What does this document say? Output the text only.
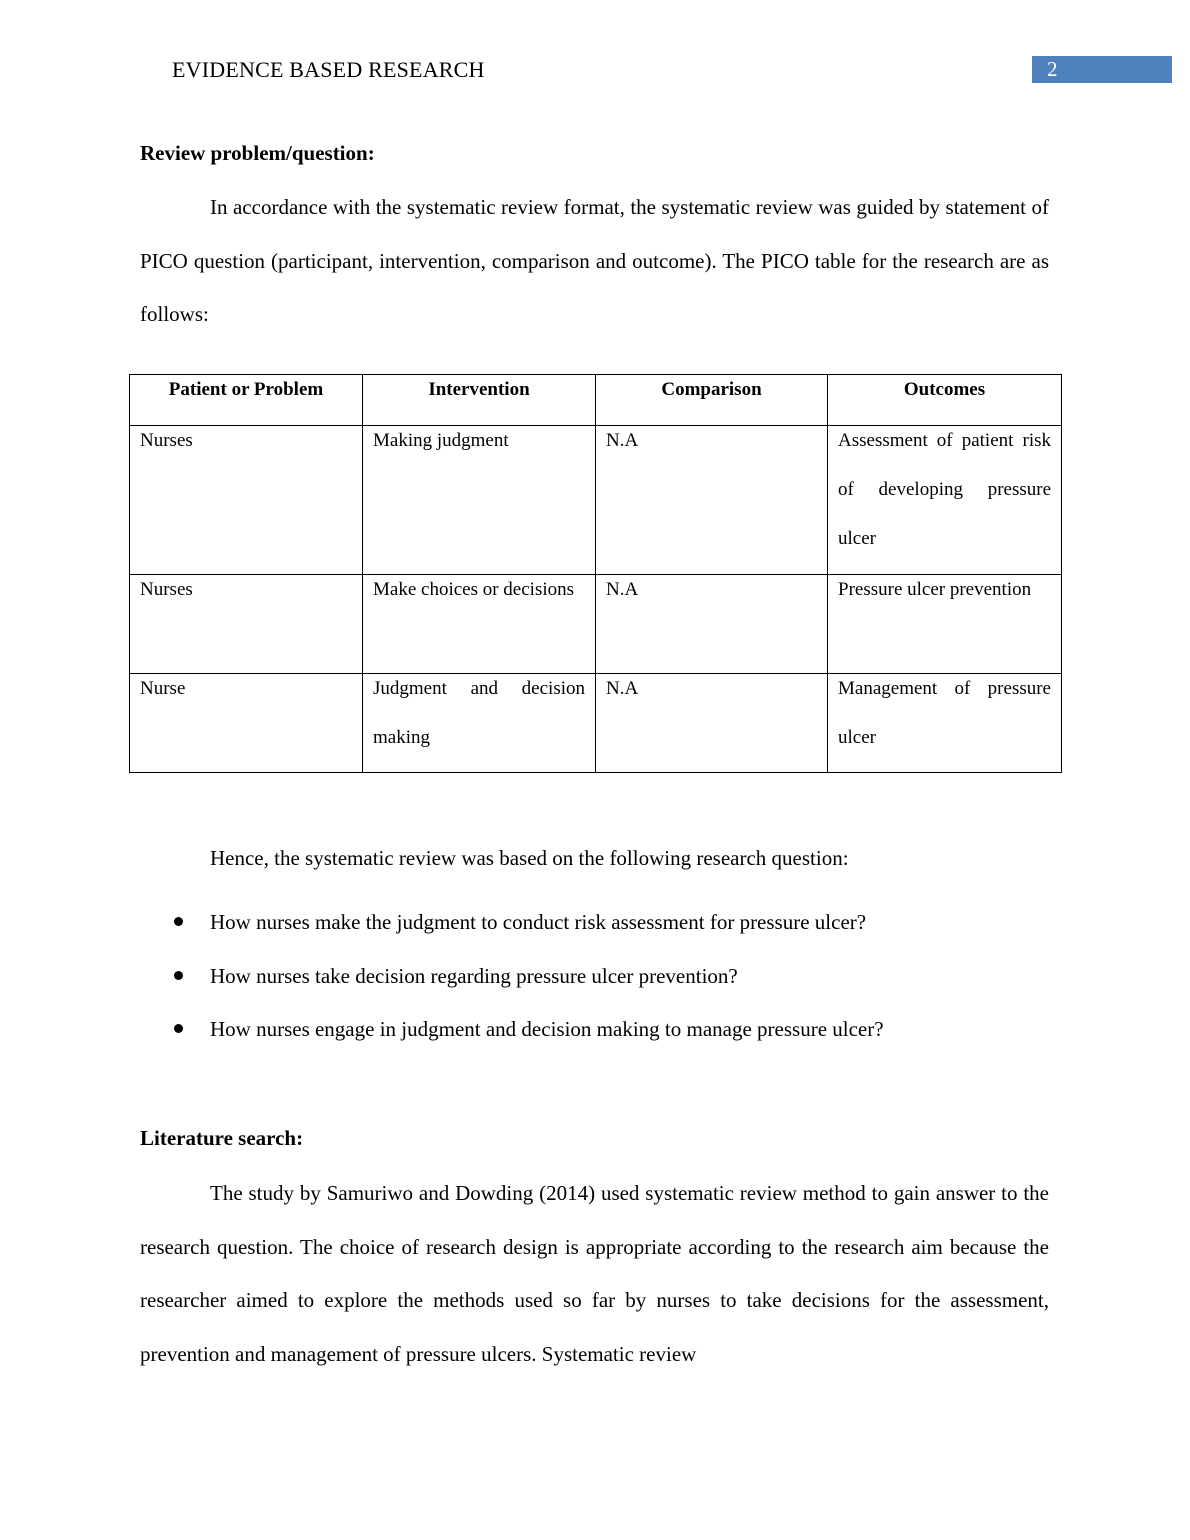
EVIDENCE BASED RESEARCH	2
Review problem/question:

In accordance with the systematic review format, the systematic review was guided by statement of PICO question (participant, intervention, comparison and outcome). The PICO table for the research are as follows:

Patient or Problem	Intervention	Comparison	Outcomes

Nurses	Making judgment	N.A	Assessment of patient risk of developing pressure ulcer

Nurses	Make choices or decisions	N.A	Pressure ulcer prevention

Nurse	Judgment and decision making	N.A	Management of pressure ulcer
Hence, the systematic review was based on the following research question:
How nurses make the judgment to conduct risk assessment for pressure ulcer?
How nurses take decision regarding pressure ulcer prevention?
How nurses engage in judgment and decision making to manage pressure ulcer?
Literature search:

The study by Samuriwo and Dowding (2014) used systematic review method to gain answer to the research question. The choice of research design is appropriate according to the research aim because the researcher aimed to explore the methods used so far by nurses to take decisions for the assessment, prevention and management of pressure ulcers. Systematic review
